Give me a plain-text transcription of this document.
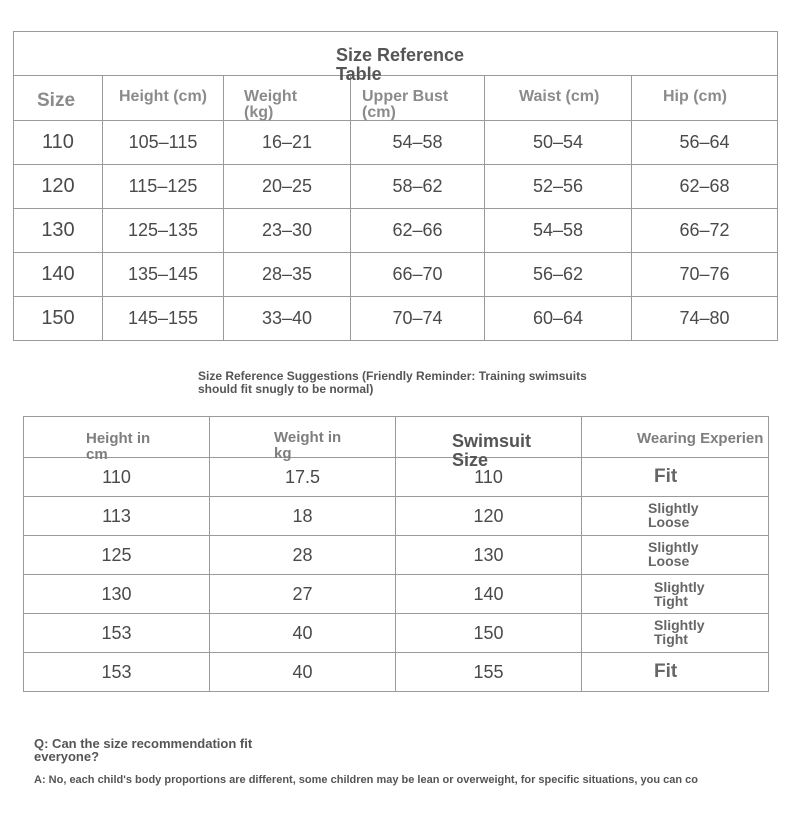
Size Reference Table					

Size	Height (cm)	Weight (kg)	Upper Bust (cm)	Waist (cm)	Hip (cm)

110	105–115	16–21	54–58	50–54	56–64
120	115–125	20–25	58–62	52–56	62–68
130	125–135	23–30	62–66	54–58	66–72
140	135–145	28–35	66–70	56–62	70–76
150	145–155	33–40	70–74	60–64	74–80
Size Reference Suggestions (Friendly Reminder: Training swimsuits should fit snugly to be normal)
Height in cm	Weight in kg	Swimsuit Size	Wearing Experien

110	17.5	110	Fit

113	18	120	Slightly Loose

125	28	130	Slightly Loose

130	27	140	Slightly Tight

153	40	150	Slightly Tight

153	40	155	Fit
Q: Can the size recommendation fit everyone?
A: No, each child's body proportions are different, some children may be lean or overweight, for specific situations, you can co
